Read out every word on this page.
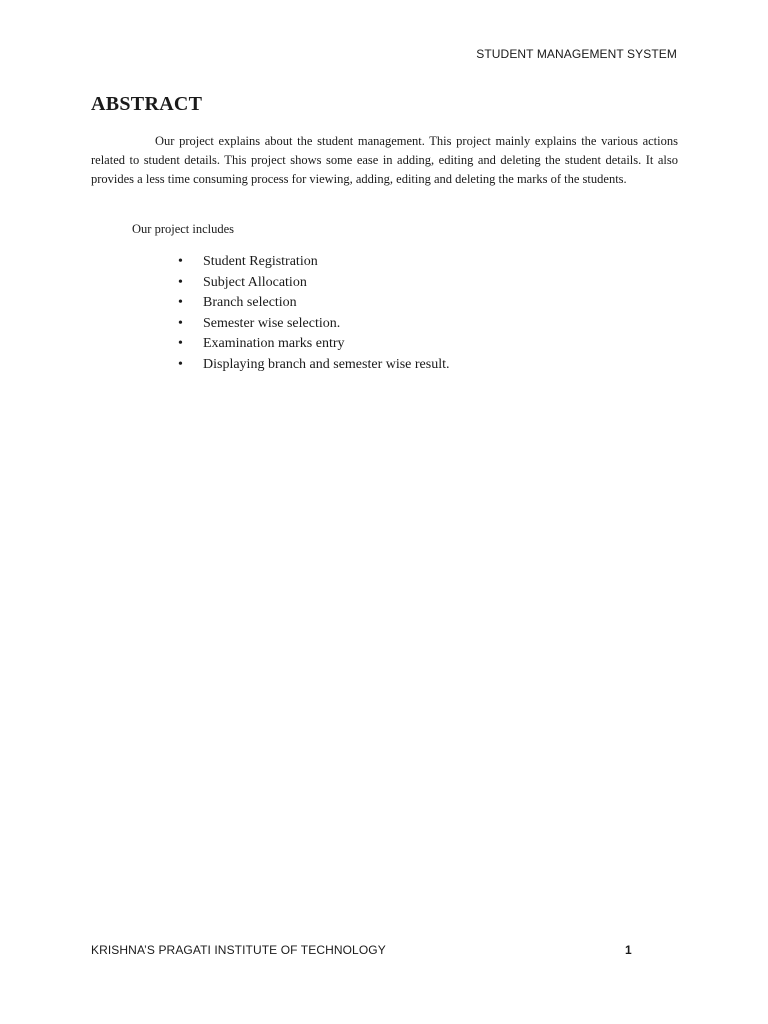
STUDENT MANAGEMENT SYSTEM
ABSTRACT

Our project explains about the student management. This project mainly explains the various actions related to student details. This project shows some ease in adding, editing and deleting the student details. It also provides a less time consuming process for viewing, adding, editing and deleting the marks of the students.

Our project includes

• Student Registration
• Subject Allocation
• Branch selection
• Semester wise selection.
• Examination marks entry
• Displaying branch and semester wise result.
KRISHNA’S PRAGATI INSTITUTE OF TECHNOLOGY	1
